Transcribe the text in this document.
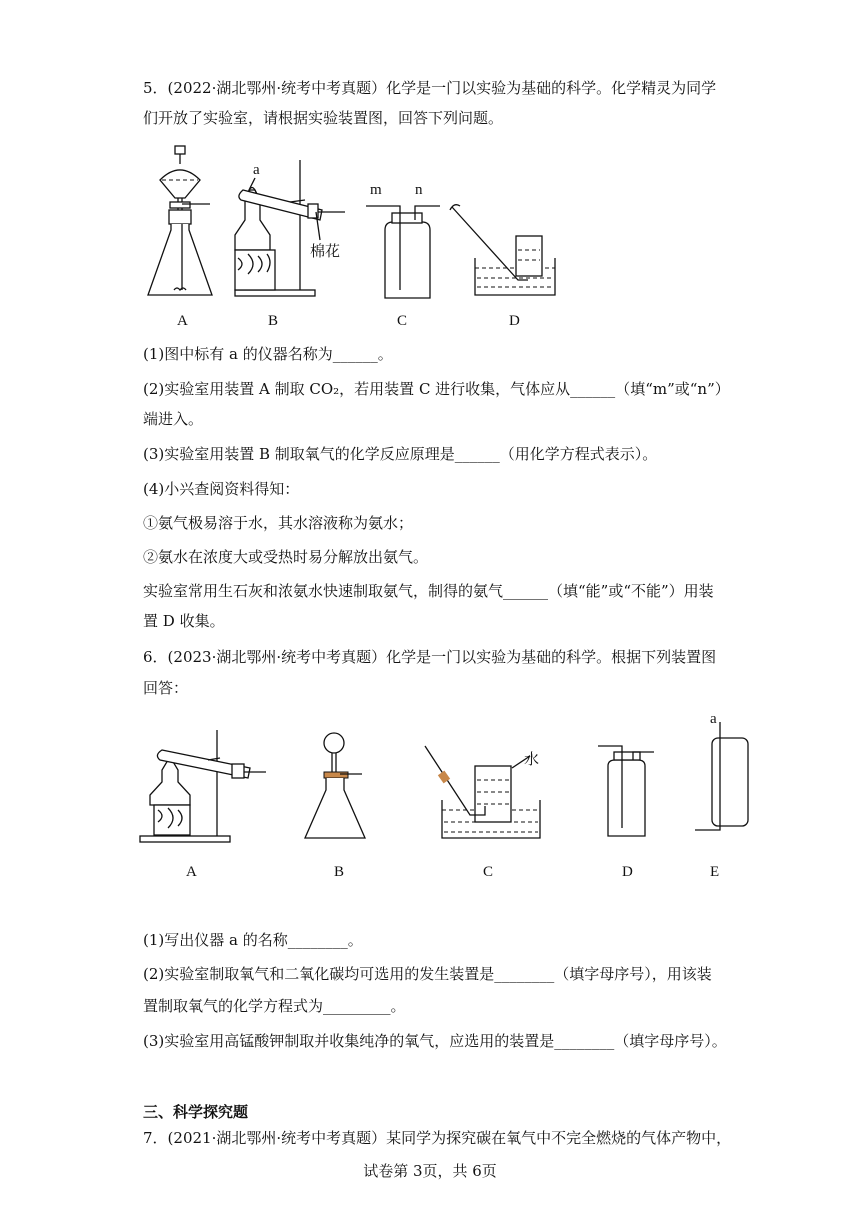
5．(2022·湖北鄂州·统考中考真题）化学是一门以实验为基础的科学。化学精灵为同学
们开放了实验室，请根据实验装置图，回答下列问题。
a
棉花
m n
A	B	C	D
(1)图中标有 a 的仪器名称为______。
(2)实验室用装置 A 制取 CO₂，若用装置 C 进行收集，气体应从______（填“m”或“n”）
端进入。
(3)实验室用装置 B 制取氧气的化学反应原理是______（用化学方程式表示）。
(4)小兴查阅资料得知：
①氨气极易溶于水，其水溶液称为氨水；
②氨水在浓度大或受热时易分解放出氨气。
实验室常用生石灰和浓氨水快速制取氨气，制得的氨气______（填“能”或“不能”）用装
置 D 收集。
6．(2023·湖北鄂州·统考中考真题）化学是一门以实验为基础的科学。根据下列装置图
回答：
水
a
A	B	C	D	E
(1)写出仪器 a 的名称________。
(2)实验室制取氧气和二氧化碳均可选用的发生装置是________（填字母序号），用该装
置制取氧气的化学方程式为_________。
(3)实验室用高锰酸钾制取并收集纯净的氧气，应选用的装置是________（填字母序号）。
三、科学探究题
7．(2021·湖北鄂州·统考中考真题）某同学为探究碳在氧气中不完全燃烧的气体产物中，
试卷第 3页，共 6页
